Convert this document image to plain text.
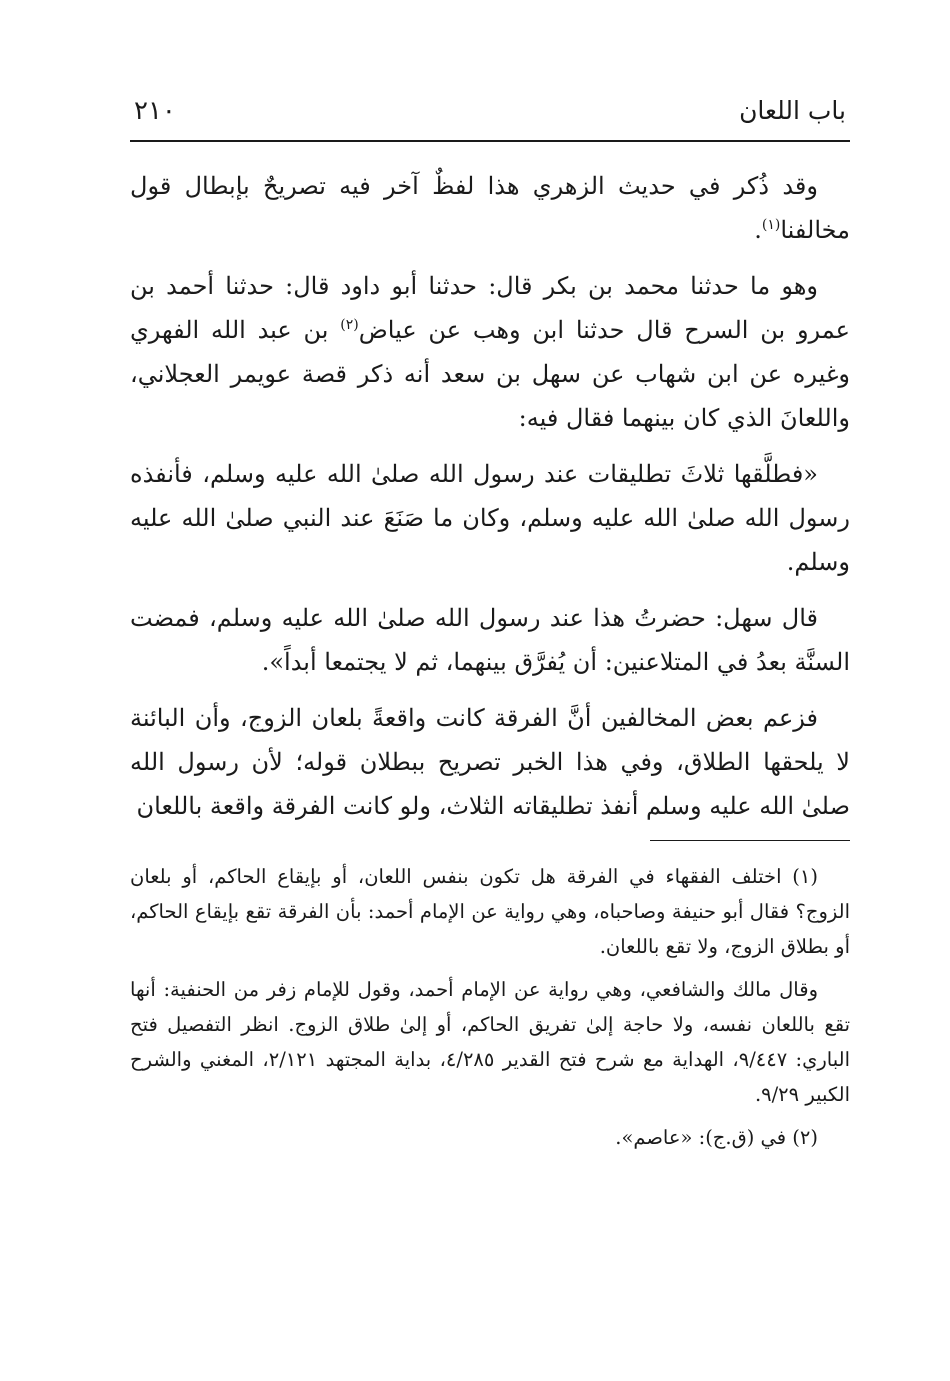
باب اللعان
٢١٠

وقد ذُكر في حديث الزهري هذا لفظٌ آخر فيه تصريحٌ بإبطال قول مخالفنا$^{(١)}$.

وهو ما حدثنا محمد بن بكر قال: حدثنا أبو داود قال: حدثنا أحمد بن عمرو بن السرح قال حدثنا ابن وهب عن عياض$^{(٢)}$ بن عبد الله الفهري وغيره عن ابن شهاب عن سهل بن سعد أنه ذكر قصة عويمر العجلاني، واللعانَ الذي كان بينهما فقال فيه:

«فطلَّقها ثلاثَ تطليقات عند رسول الله صلىٰ الله عليه وسلم، فأنفذه رسول الله صلىٰ الله عليه وسلم، وكان ما صَنَعَ عند النبي صلىٰ الله عليه وسلم.

قال سهل: حضرتُ هذا عند رسول الله صلىٰ الله عليه وسلم، فمضت السنَّة بعدُ في المتلاعنين: أن يُفرَّق بينهما، ثم لا يجتمعا أبداً».

فزعم بعض المخالفين أنَّ الفرقة كانت واقعةً بلعان الزوج، وأن البائنة لا يلحقها الطلاق، وفي هذا الخبر تصريح ببطلان قوله؛ لأن رسول الله صلىٰ الله عليه وسلم أنفذ تطليقاته الثلاث، ولو كانت الفرقة واقعة باللعان

(١) اختلف الفقهاء في الفرقة هل تكون بنفس اللعان، أو بإيقاع الحاكم، أو بلعان الزوج؟ فقال أبو حنيفة وصاحباه، وهي رواية عن الإمام أحمد: بأن الفرقة تقع بإيقاع الحاكم، أو بطلاق الزوج، ولا تقع باللعان.

وقال مالك والشافعي، وهي رواية عن الإمام أحمد، وقول للإمام زفر من الحنفية: أنها تقع باللعان نفسه، ولا حاجة إلىٰ تفريق الحاكم، أو إلىٰ طلاق الزوج. انظر التفصيل فتح الباري: ٩/٤٤٧، الهداية مع شرح فتح القدير ٤/٢٨٥، بداية المجتهد ٢/١٢١، المغني والشرح الكبير ٩/٢٩.

(٢) في (ق.ج): «عاصم».
